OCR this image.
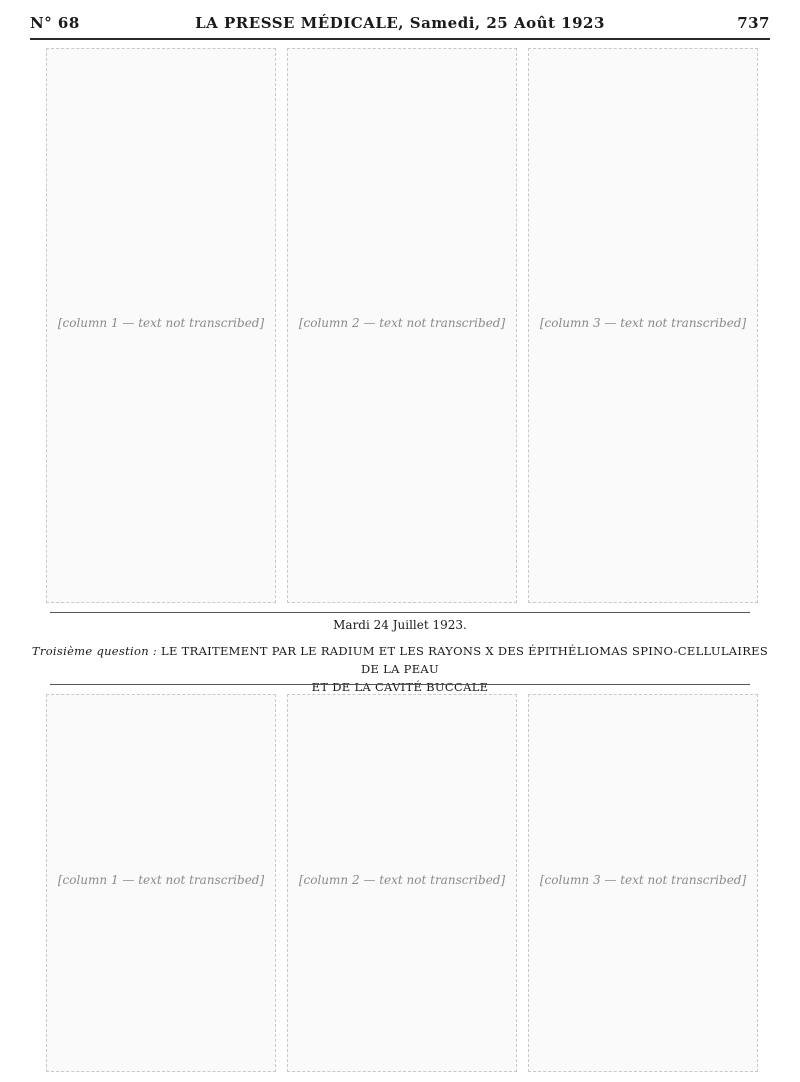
N° 68	LA PRESSE MÉDICALE, Samedi, 25 Août 1923	737
[column 1 — text not transcribed]	[column 2 — text not transcribed]	[column 3 — text not transcribed]
Mardi 24 Juillet 1923.
Troisième question : LE TRAITEMENT PAR LE RADIUM ET LES RAYONS X DES ÉPITHÉLIOMAS SPINO-CELLULAIRES DE LA PEAU
ET DE LA CAVITÉ BUCCALE
[column 1 — text not transcribed]	[column 2 — text not transcribed]	[column 3 — text not transcribed]
